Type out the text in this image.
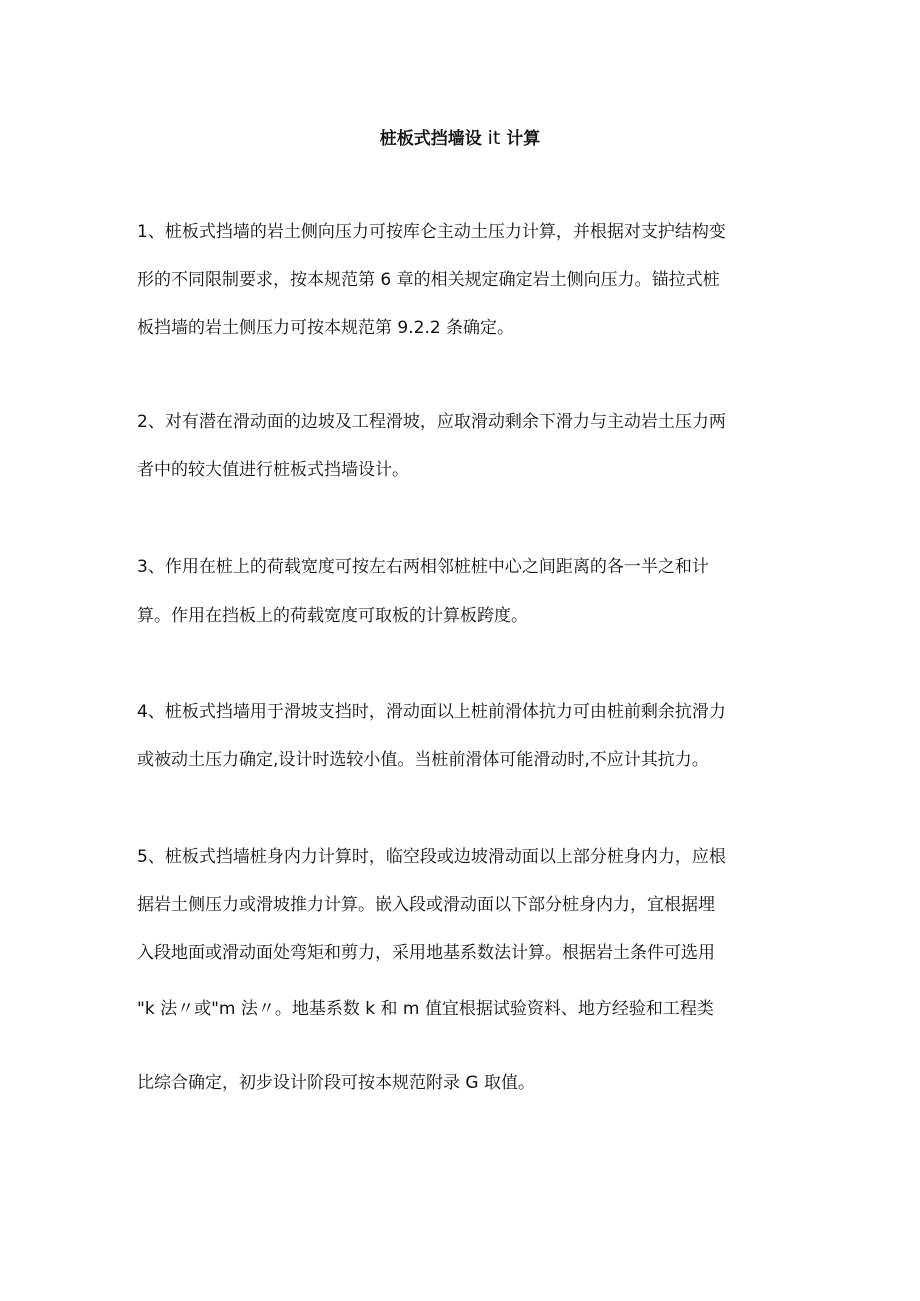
桩板式挡墙设 it 计算
1、桩板式挡墙的岩土侧向压力可按库仑主动土压力计算，并根据对支护结构变
形的不同限制要求，按本规范第 6 章的相关规定确定岩土侧向压力。锚拉式桩
板挡墙的岩土侧压力可按本规范第 9.2.2 条确定。
2、对有潜在滑动面的边坡及工程滑坡，应取滑动剩余下滑力与主动岩土压力两
者中的较大值进行桩板式挡墙设计。
3、作用在桩上的荷载宽度可按左右两相邻桩桩中心之间距离的各一半之和计
算。作用在挡板上的荷载宽度可取板的计算板跨度。
4、桩板式挡墙用于滑坡支挡时，滑动面以上桩前滑体抗力可由桩前剩余抗滑力
或被动土压力确定,设计时选较小值。当桩前滑体可能滑动时,不应计其抗力。
5、桩板式挡墙桩身内力计算时，临空段或边坡滑动面以上部分桩身内力，应根
据岩土侧压力或滑坡推力计算。嵌入段或滑动面以下部分桩身内力，宜根据埋
入段地面或滑动面处弯矩和剪力，采用地基系数法计算。根据岩土条件可选用
"k 法〃或"m 法〃。地基系数 k 和 m 值宜根据试验资料、地方经验和工程类
比综合确定，初步设计阶段可按本规范附录 G 取值。
